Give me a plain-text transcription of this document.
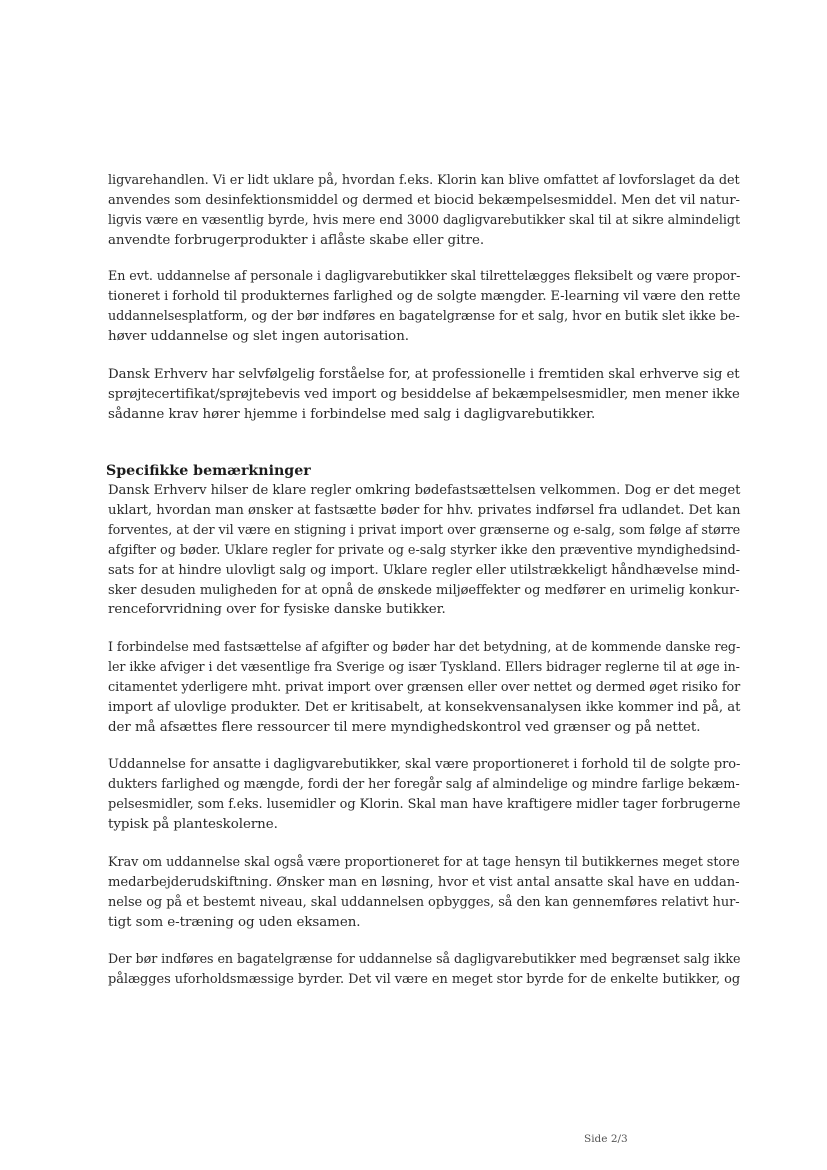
ligvarehandlen. Vi er lidt uklare på, hvordan f.eks. Klorin kan blive omfattet af lovforslaget da det
anvendes som desinfektionsmiddel og dermed et biocid bekæmpelsesmiddel. Men det vil natur-
ligvis være en væsentlig byrde, hvis mere end 3000 dagligvarebutikker skal til at sikre almindeligt
anvendte forbrugerprodukter i aflåste skabe eller gitre.
En evt. uddannelse af personale i dagligvarebutikker skal tilrettelægges fleksibelt og være propor-
tioneret i forhold til produkternes farlighed og de solgte mængder. E-learning vil være den rette
uddannelsesplatform, og der bør indføres en bagatelgrænse for et salg, hvor en butik slet ikke be-
høver uddannelse og slet ingen autorisation.
Dansk Erhverv har selvfølgelig forståelse for, at professionelle i fremtiden skal erhverve sig et
sprøjtecertifikat/sprøjtebevis ved import og besiddelse af bekæmpelsesmidler, men mener ikke
sådanne krav hører hjemme i forbindelse med salg i dagligvarebutikker.
Specifikke bemærkninger
Dansk Erhverv hilser de klare regler omkring bødefastsættelsen velkommen. Dog er det meget
uklart, hvordan man ønsker at fastsætte bøder for hhv. privates indførsel fra udlandet. Det kan
forventes, at der vil være en stigning i privat import over grænserne og e-salg, som følge af større
afgifter og bøder. Uklare regler for private og e-salg styrker ikke den præventive myndighedsind-
sats for at hindre ulovligt salg og import. Uklare regler eller utilstrækkeligt håndhævelse mind-
sker desuden muligheden for at opnå de ønskede miljøeffekter og medfører en urimelig konkur-
renceforvridning over for fysiske danske butikker.
I forbindelse med fastsættelse af afgifter og bøder har det betydning, at de kommende danske reg-
ler ikke afviger i det væsentlige fra Sverige og især Tyskland. Ellers bidrager reglerne til at øge in-
citamentet yderligere mht. privat import over grænsen eller over nettet og dermed øget risiko for
import af ulovlige produkter. Det er kritisabelt, at konsekvensanalysen ikke kommer ind på, at
der må afsættes flere ressourcer til mere myndighedskontrol ved grænser og på nettet.
Uddannelse for ansatte i dagligvarebutikker, skal være proportioneret i forhold til de solgte pro-
dukters farlighed og mængde, fordi der her foregår salg af almindelige og mindre farlige bekæm-
pelsesmidler, som f.eks. lusemidler og Klorin. Skal man have kraftigere midler tager forbrugerne
typisk på planteskolerne.
Krav om uddannelse skal også være proportioneret for at tage hensyn til butikkernes meget store
medarbejderudskiftning. Ønsker man en løsning, hvor et vist antal ansatte skal have en uddan-
nelse og på et bestemt niveau, skal uddannelsen opbygges, så den kan gennemføres relativt hur-
tigt som e-træning og uden eksamen.
Der bør indføres en bagatelgrænse for uddannelse så dagligvarebutikker med begrænset salg ikke
pålægges uforholdsmæssige byrder. Det vil være en meget stor byrde for de enkelte butikker, og
Side 2/3
